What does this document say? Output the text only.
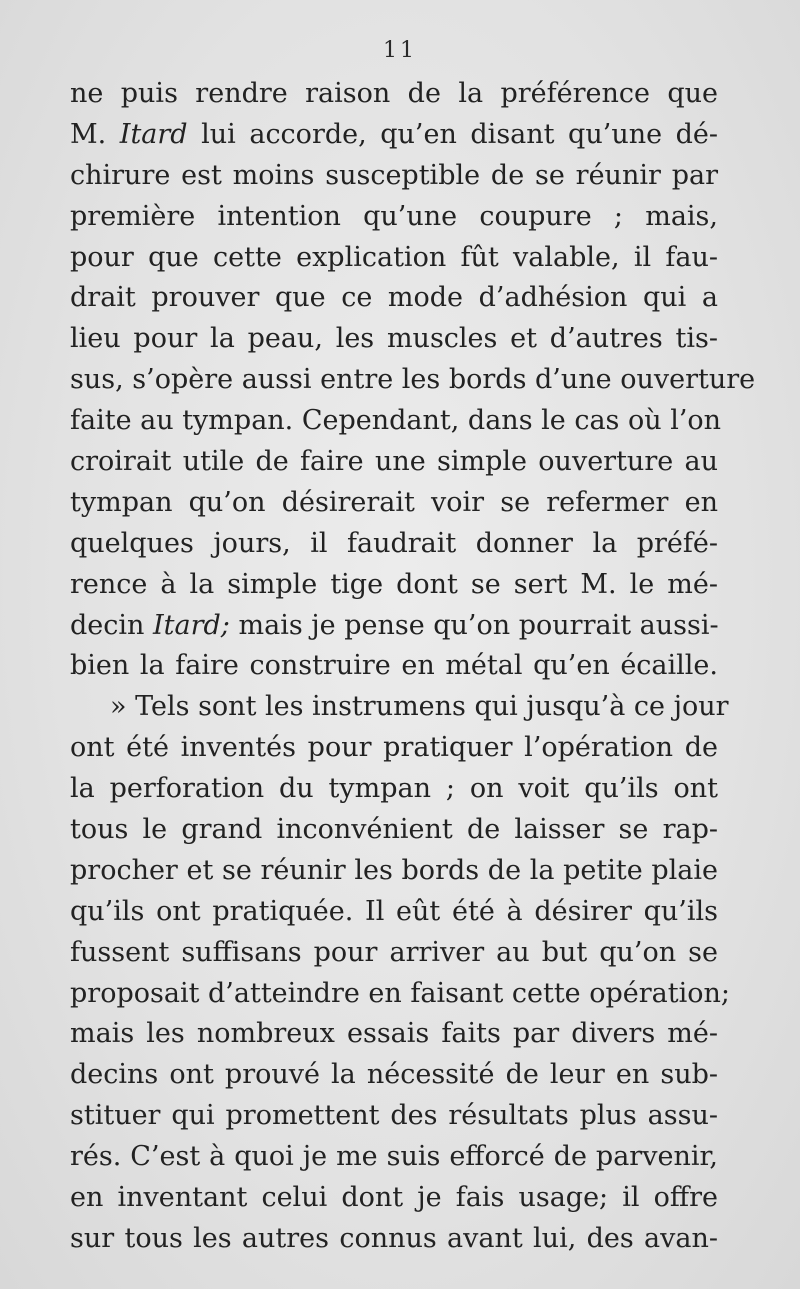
11
ne puis rendre raison de la préférence que
M. Itard lui accorde, qu’en disant qu’une dé-
chirure est moins susceptible de se réunir par
première intention qu’une coupure ; mais,
pour que cette explication fût valable, il fau-
drait prouver que ce mode d’adhésion qui a
lieu pour la peau, les muscles et d’autres tis-
sus, s’opère aussi entre les bords d’une ouverture
faite au tympan. Cependant, dans le cas où l’on
croirait utile de faire une simple ouverture au
tympan qu’on désirerait voir se refermer en
quelques jours, il faudrait donner la préfé-
rence à la simple tige dont se sert M. le mé-
decin Itard; mais je pense qu’on pourrait aussi-
bien la faire construire en métal qu’en écaille.
» Tels sont les instrumens qui jusqu’à ce jour
ont été inventés pour pratiquer l’opération de
la perforation du tympan ; on voit qu’ils ont
tous le grand inconvénient de laisser se rap-
procher et se réunir les bords de la petite plaie
qu’ils ont pratiquée. Il eût été à désirer qu’ils
fussent suffisans pour arriver au but qu’on se
proposait d’atteindre en faisant cette opération;
mais les nombreux essais faits par divers mé-
decins ont prouvé la nécessité de leur en sub-
stituer qui promettent des résultats plus assu-
rés. C’est à quoi je me suis efforcé de parvenir,
en inventant celui dont je fais usage; il offre
sur tous les autres connus avant lui, des avan-
